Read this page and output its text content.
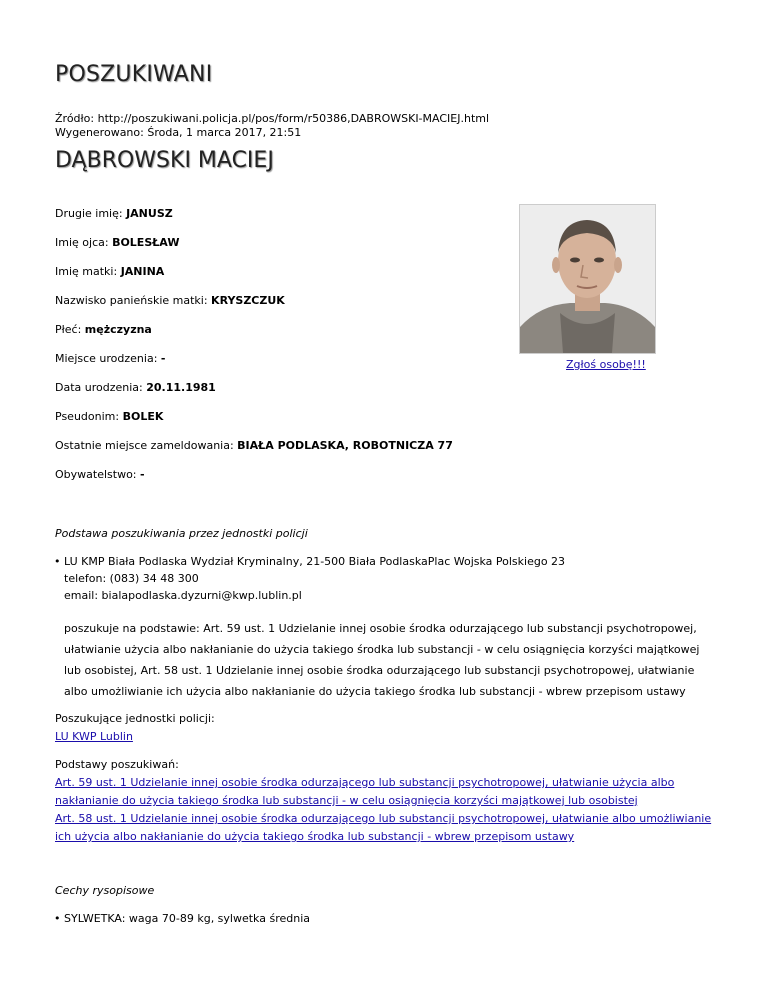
POSZUKIWANI
Źródło: http://poszukiwani.policja.pl/pos/form/r50386,DABROWSKI-MACIEJ.html
Wygenerowano: Środa, 1 marca 2017, 21:51
DĄBROWSKI MACIEJ
Drugie imię: JANUSZ
Imię ojca: BOLESŁAW
Imię matki: JANINA
Nazwisko panieńskie matki: KRYSZCZUK
Płeć: mężczyzna
Miejsce urodzenia: -
Data urodzenia: 20.11.1981
Pseudonim: BOLEK
Ostatnie miejsce zameldowania: BIAŁA PODLASKA, ROBOTNICZA 77
Obywatelstwo: -
Zgłoś osobę!!!
Podstawa poszukiwania przez jednostki policji
• LU KMP Biała Podlaska Wydział Kryminalny, 21-500 Biała PodlaskaPlac Wojska Polskiego 23
telefon: (083) 34 48 300
email: bialapodlaska.dyzurni@kwp.lublin.pl
poszukuje na podstawie: Art. 59 ust. 1 Udzielanie innej osobie środka odurzającego lub substancji psychotropowej, ułatwianie użycia albo nakłanianie do użycia takiego środka lub substancji - w celu osiągnięcia korzyści majątkowej lub osobistej, Art. 58 ust. 1 Udzielanie innej osobie środka odurzającego lub substancji psychotropowej, ułatwianie albo umożliwianie ich użycia albo nakłanianie do użycia takiego środka lub substancji - wbrew przepisom ustawy
Poszukujące jednostki policji:
LU KWP Lublin
Podstawy poszukiwań:
Art. 59 ust. 1 Udzielanie innej osobie środka odurzającego lub substancji psychotropowej, ułatwianie użycia albo nakłanianie do użycia takiego środka lub substancji - w celu osiągnięcia korzyści majątkowej lub osobistej
Art. 58 ust. 1 Udzielanie innej osobie środka odurzającego lub substancji psychotropowej, ułatwianie albo umożliwianie ich użycia albo nakłanianie do użycia takiego środka lub substancji - wbrew przepisom ustawy
Cechy rysopisowe
• SYLWETKA: waga 70-89 kg, sylwetka średnia
